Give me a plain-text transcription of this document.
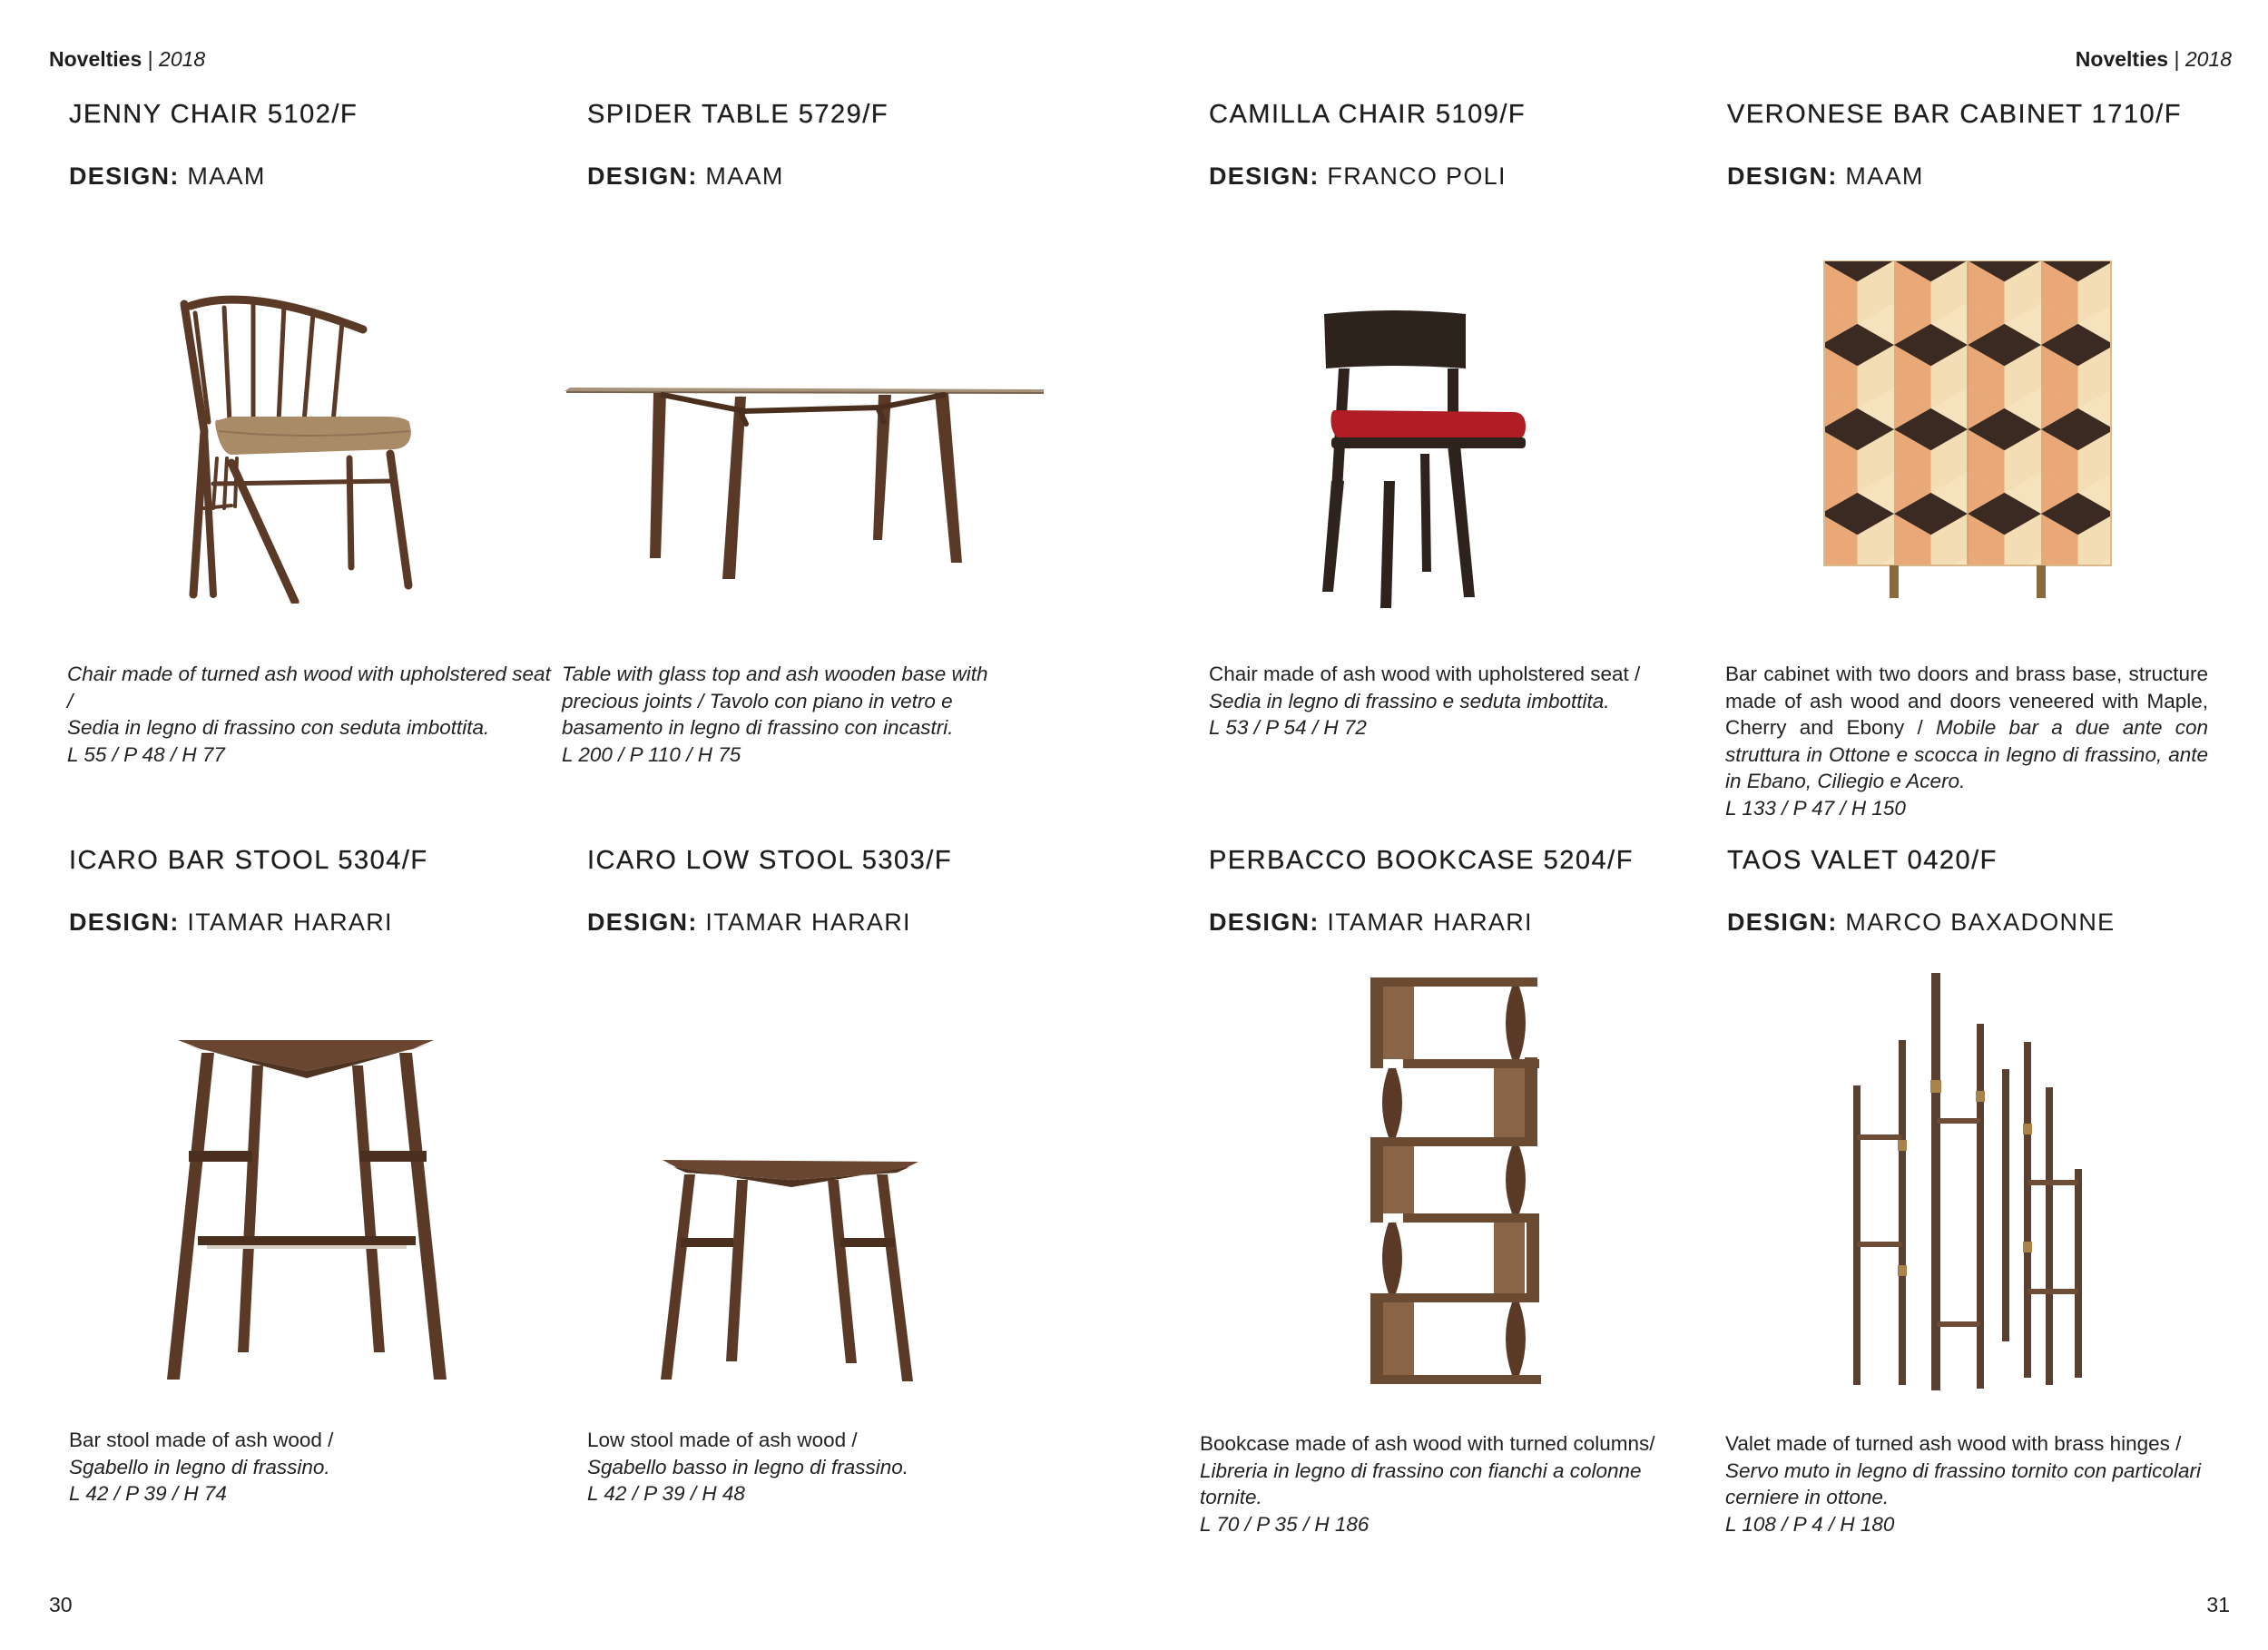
Novelties | 2018	Novelties | 2018
JENNY CHAIR 5102/F
DESIGN: MAAM
Chair made of turned ash wood with upholstered seat /
Sedia in legno di frassino con seduta imbottita.
L 55 / P 48 / H 77
SPIDER TABLE 5729/F
DESIGN: MAAM
Table with glass top and ash wooden base with precious joints / Tavolo con piano in vetro e basamento in legno di frassino con incastri.
L 200 / P 110 / H 75
CAMILLA CHAIR 5109/F
DESIGN: FRANCO POLI
Chair made of ash wood with upholstered seat /
Sedia in legno di frassino e seduta imbottita.
L 53 / P 54 / H 72
VERONESE BAR CABINET 1710/F
DESIGN: MAAM
Bar cabinet with two doors and brass base, structure made of ash wood and doors veneered with Maple, Cherry and Ebony / Mobile bar a due ante con struttura in Ottone e scocca in legno di frassino, ante in Ebano, Ciliegio e Acero.
L 133 / P 47 / H 150
ICARO BAR STOOL 5304/F
DESIGN: ITAMAR HARARI
Bar stool made of ash wood /
Sgabello in legno di frassino.
L 42 / P 39 / H 74
ICARO LOW STOOL 5303/F
DESIGN: ITAMAR HARARI
Low stool made of ash wood /
Sgabello basso in legno di frassino.
L 42 / P 39 / H 48
PERBACCO BOOKCASE 5204/F
DESIGN: ITAMAR HARARI
Bookcase made of ash wood with turned columns/
Libreria in legno di frassino con fianchi a colonne tornite.
L 70 / P 35 / H 186
TAOS VALET 0420/F
DESIGN: MARCO BAXADONNE
Valet made of turned ash wood with brass hinges /
Servo muto in legno di frassino tornito con particolari cerniere in ottone.
L 108 / P 4 / H 180
30	31
